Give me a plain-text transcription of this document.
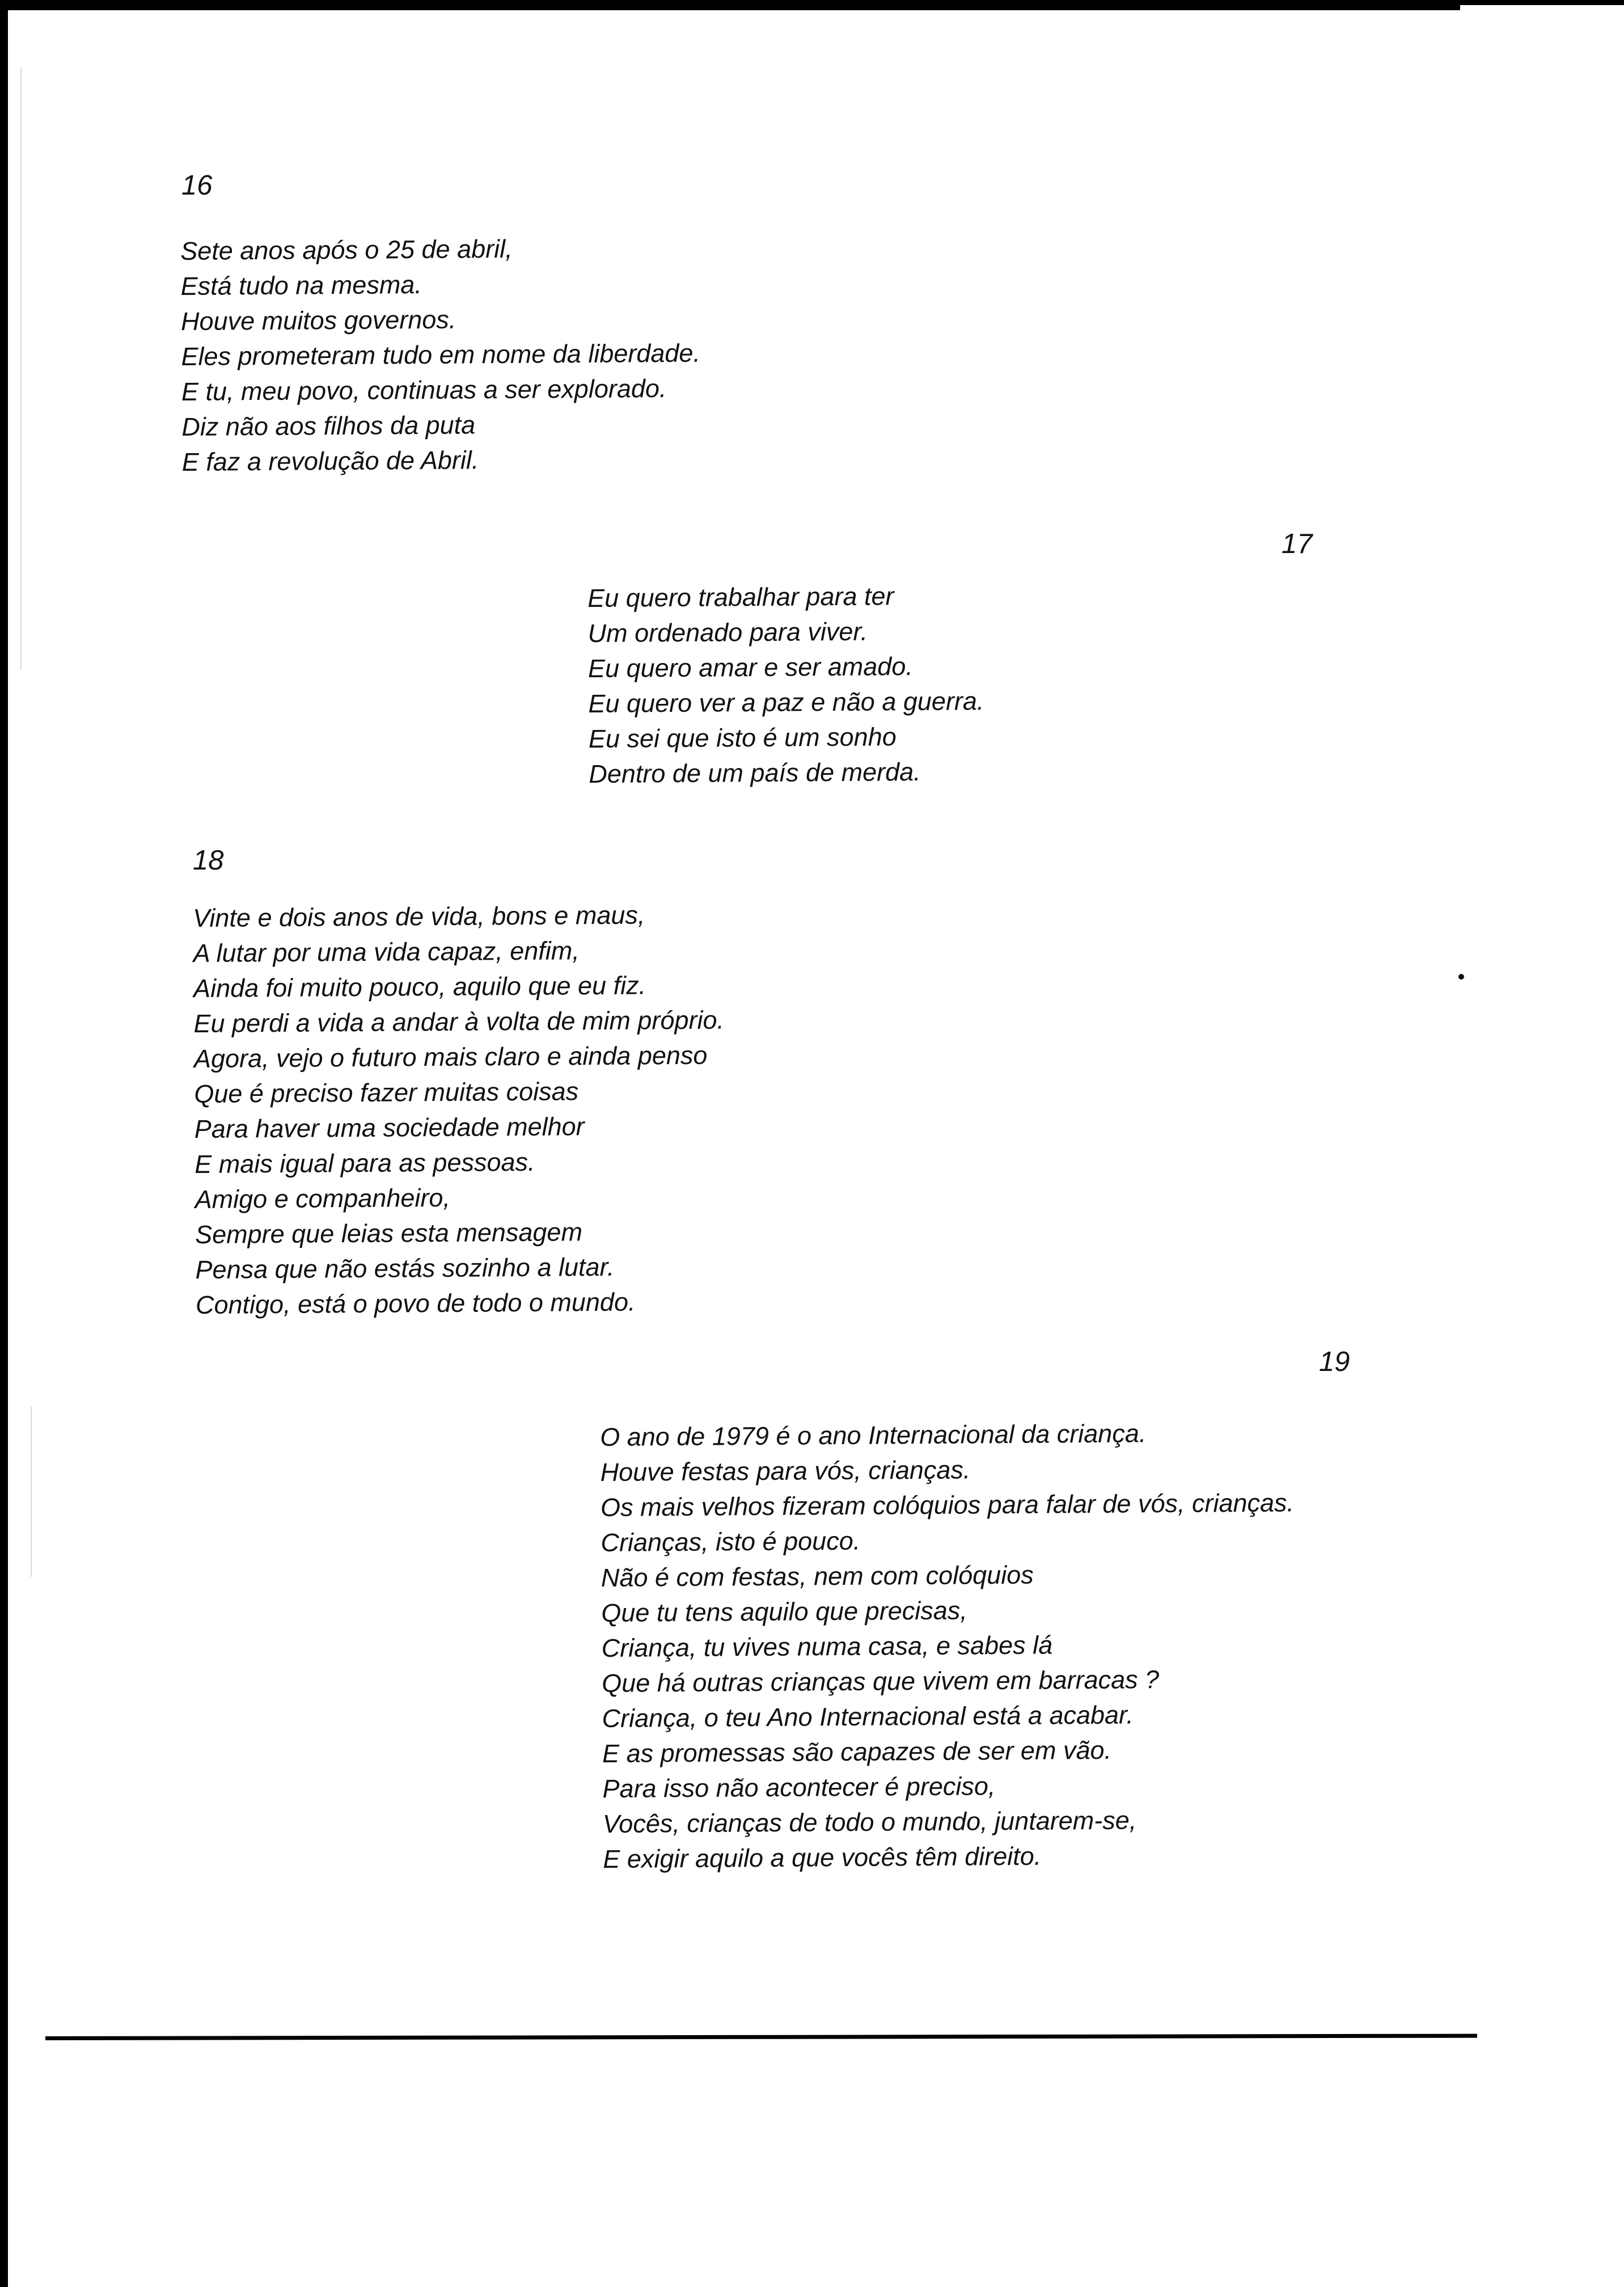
16
Sete anos após o 25 de abril,
Está tudo na mesma.
Houve muitos governos.
Eles prometeram tudo em nome da liberdade.
E tu, meu povo, continuas a ser explorado.
Diz não aos filhos da puta
E faz a revolução de Abril.
17
Eu quero trabalhar para ter
Um ordenado para viver.
Eu quero amar e ser amado.
Eu quero ver a paz e não a guerra.
Eu sei que isto é um sonho
Dentro de um país de merda.
18
Vinte e dois anos de vida, bons e maus,
A lutar por uma vida capaz, enfim,
Ainda foi muito pouco, aquilo que eu fiz.
Eu perdi a vida a andar à volta de mim próprio.
Agora, vejo o futuro mais claro e ainda penso
Que é preciso fazer muitas coisas
Para haver uma sociedade melhor
E mais igual para as pessoas.
Amigo e companheiro,
Sempre que leias esta mensagem
Pensa que não estás sozinho a lutar.
Contigo, está o povo de todo o mundo.
19
O ano de 1979 é o ano Internacional da criança.
Houve festas para vós, crianças.
Os mais velhos fizeram colóquios para falar de vós, crianças.
Crianças, isto é pouco.
Não é com festas, nem com colóquios
Que tu tens aquilo que precisas,
Criança, tu vives numa casa, e sabes lá
Que há outras crianças que vivem em barracas ?
Criança, o teu Ano Internacional está a acabar.
E as promessas são capazes de ser em vão.
Para isso não acontecer é preciso,
Vocês, crianças de todo o mundo, juntarem-se,
E exigir aquilo a que vocês têm direito.
